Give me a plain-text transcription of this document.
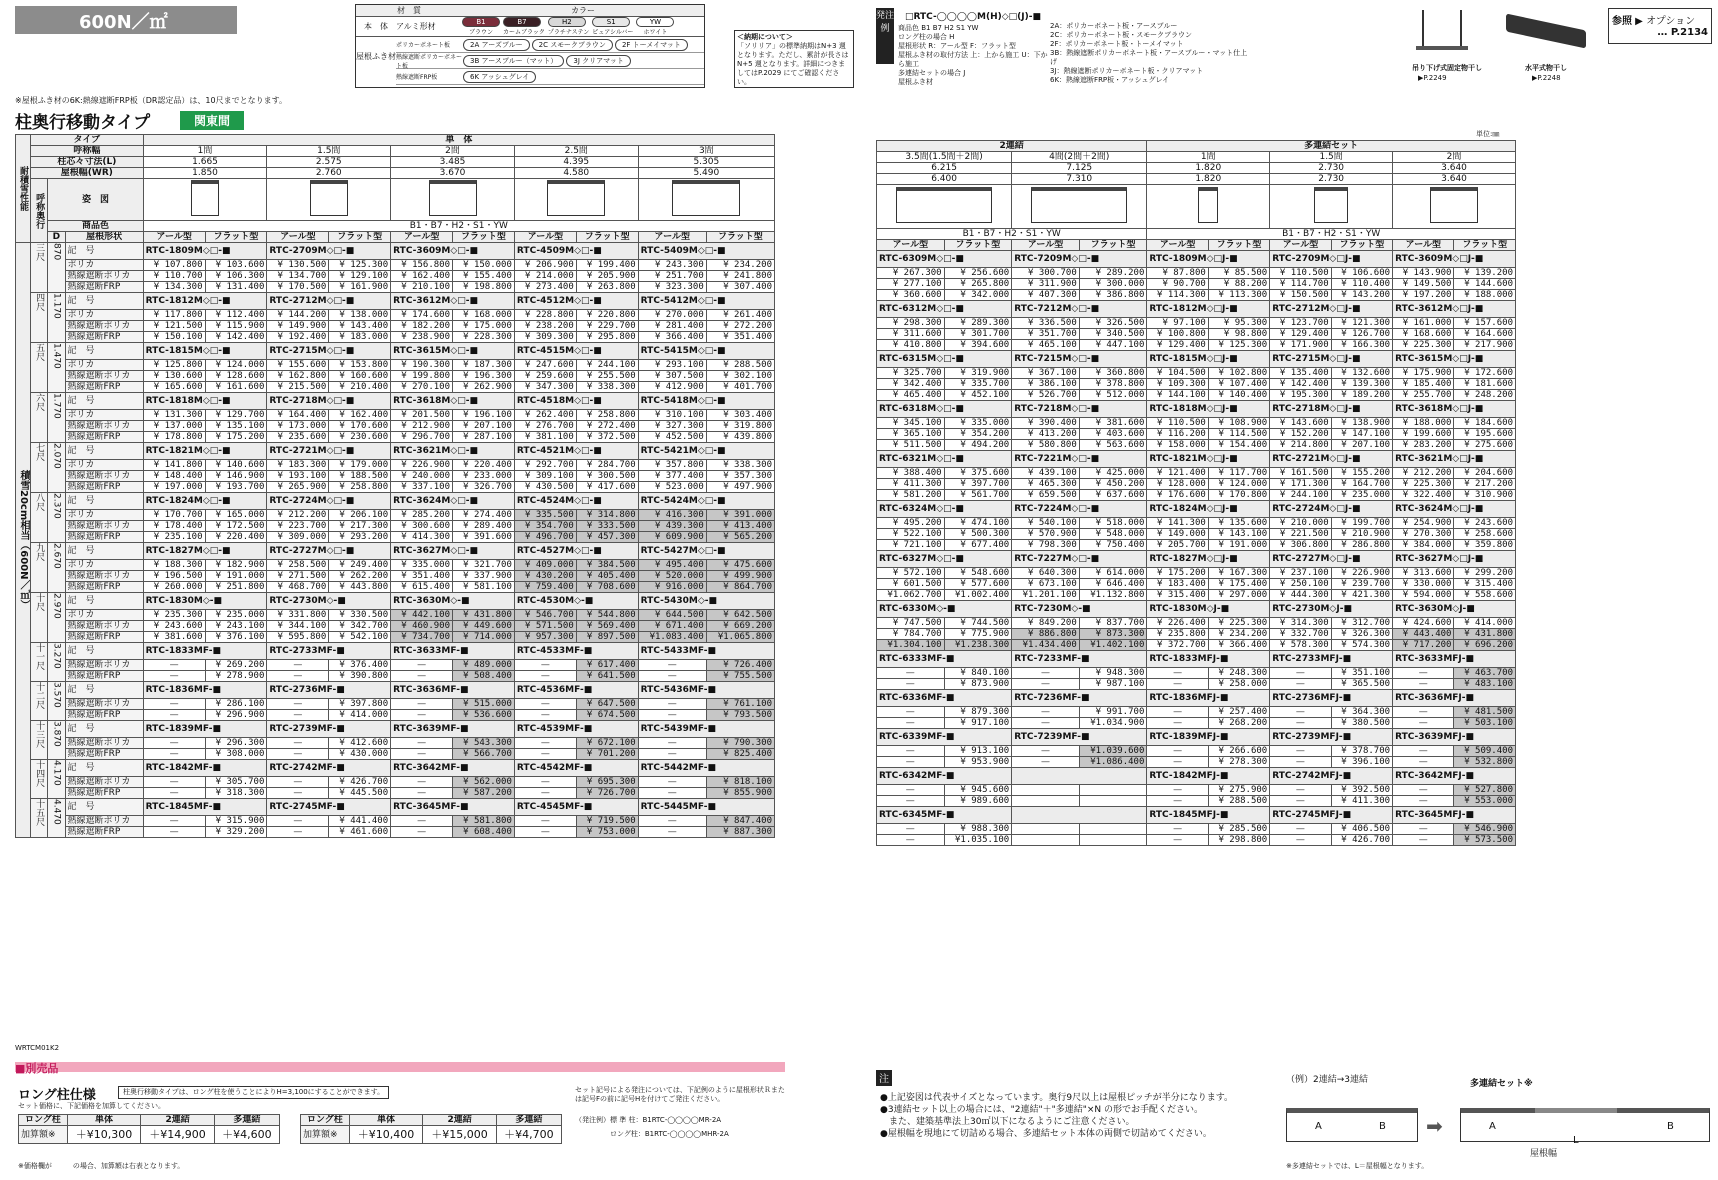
600N／㎡
材　質	カラー
本　体	アルミ形材	B1
ブラウン
B7
カームブラック
H2
プラチナステン
S1
ピュアシルバー
YW
ホワイト
屋根ふき材
ポリカーボネート板	2A アーズブルー	2C スモークブラウン	2F トーメイマット
熱線遮断ポリカーボネート板
3B アースブルー（マット）	3J クリアマット
熱線遮断FRP板	6K アッシュグレイ
＜納期について＞
「ソリリア」の標準納期はN+3 週となります。ただし、累計が長さはN+5 週となります。詳細につきましてはP.2029 にてご確認ください。
※屋根ふき材の6K:熱線遮断FRP板（DR認定品）は、10尺までとなります。
柱奥行移動タイプ	関東間
耐積雪性能	タイプ			単　体									
	呼称幅			1間		1.5間		2間		2.5間		3間	
	柱芯々寸法(L)			1.665		2.575		3.485		4.395		5.305	
	屋根幅(WR)			1.850		2.760		3.670		4.580		5.490	
	呼称奥行	姿　図											
		商品色		B1・B7・H2・S1・YW									
		D	屋根形状	アール型	フラット型	アール型	フラット型	アール型	フラット型	アール型	フラット型	アール型	フラット型

積雪20cm相当（600N／㎡）	三尺	870	記　号	RTC-1809M◇□-■		RTC-2709M◇□-■		RTC-3609M◇□-■		RTC-4509M◇□-■		RTC-5409M◇□-■	
			ポリカ	¥ 107.800	¥ 103.600	¥ 130.500	¥ 125.300	¥ 156.800	¥ 150.000	¥ 206.900	¥ 199.400	¥ 243.300	¥ 234.200
			熱線遮断ポリカ	¥ 110.700	¥ 106.300	¥ 134.700	¥ 129.100	¥ 162.400	¥ 155.400	¥ 214.000	¥ 205.900	¥ 251.700	¥ 241.800
			熱線遮断FRP	¥ 134.300	¥ 131.400	¥ 170.500	¥ 161.900	¥ 210.100	¥ 198.800	¥ 273.400	¥ 263.800	¥ 323.300	¥ 307.400
	四尺	1.170	記　号	RTC-1812M◇□-■		RTC-2712M◇□-■		RTC-3612M◇□-■		RTC-4512M◇□-■		RTC-5412M◇□-■	
			ポリカ	¥ 117.800	¥ 112.400	¥ 144.200	¥ 138.000	¥ 174.600	¥ 168.000	¥ 228.800	¥ 220.800	¥ 270.000	¥ 261.400
			熱線遮断ポリカ	¥ 121.500	¥ 115.900	¥ 149.900	¥ 143.400	¥ 182.200	¥ 175.000	¥ 238.200	¥ 229.700	¥ 281.400	¥ 272.200
			熱線遮断FRP	¥ 150.100	¥ 142.400	¥ 192.400	¥ 183.000	¥ 238.900	¥ 228.300	¥ 309.300	¥ 295.800	¥ 366.400	¥ 351.400
	五尺	1.470	記　号	RTC-1815M◇□-■		RTC-2715M◇□-■		RTC-3615M◇□-■		RTC-4515M◇□-■		RTC-5415M◇□-■	
			ポリカ	¥ 125.800	¥ 124.000	¥ 155.600	¥ 153.800	¥ 190.300	¥ 187.300	¥ 247.600	¥ 244.100	¥ 293.100	¥ 288.500
			熱線遮断ポリカ	¥ 130.600	¥ 128.600	¥ 162.800	¥ 160.600	¥ 199.800	¥ 196.300	¥ 259.600	¥ 255.500	¥ 307.500	¥ 302.100
			熱線遮断FRP	¥ 165.600	¥ 161.600	¥ 215.500	¥ 210.400	¥ 270.100	¥ 262.900	¥ 347.300	¥ 338.300	¥ 412.900	¥ 401.700
	六尺	1.770	記　号	RTC-1818M◇□-■		RTC-2718M◇□-■		RTC-3618M◇□-■		RTC-4518M◇□-■		RTC-5418M◇□-■	
			ポリカ	¥ 131.300	¥ 129.700	¥ 164.400	¥ 162.400	¥ 201.500	¥ 196.100	¥ 262.400	¥ 258.800	¥ 310.100	¥ 303.400
			熱線遮断ポリカ	¥ 137.000	¥ 135.100	¥ 173.000	¥ 170.600	¥ 212.900	¥ 207.100	¥ 276.700	¥ 272.400	¥ 327.300	¥ 319.800
			熱線遮断FRP	¥ 178.800	¥ 175.200	¥ 235.600	¥ 230.600	¥ 296.700	¥ 287.100	¥ 381.100	¥ 372.500	¥ 452.500	¥ 439.800
	七尺	2.070	記　号	RTC-1821M◇□-■		RTC-2721M◇□-■		RTC-3621M◇□-■		RTC-4521M◇□-■		RTC-5421M◇□-■	
			ポリカ	¥ 141.800	¥ 140.600	¥ 183.300	¥ 179.000	¥ 226.900	¥ 220.400	¥ 292.700	¥ 284.700	¥ 357.800	¥ 338.300
			熱線遮断ポリカ	¥ 148.400	¥ 146.900	¥ 193.100	¥ 188.500	¥ 240.000	¥ 233.000	¥ 309.100	¥ 300.500	¥ 377.400	¥ 357.300
			熱線遮断FRP	¥ 197.000	¥ 193.700	¥ 265.900	¥ 258.800	¥ 337.100	¥ 326.700	¥ 430.500	¥ 417.600	¥ 523.000	¥ 497.900
	八尺	2.370	記　号	RTC-1824M◇□-■		RTC-2724M◇□-■		RTC-3624M◇□-■		RTC-4524M◇□-■		RTC-5424M◇□-■	
			ポリカ	¥ 170.700	¥ 165.000	¥ 212.200	¥ 206.100	¥ 285.200	¥ 274.400	¥ 335.500	¥ 314.800	¥ 416.300	¥ 391.000
			熱線遮断ポリカ	¥ 178.400	¥ 172.500	¥ 223.700	¥ 217.300	¥ 300.600	¥ 289.400	¥ 354.700	¥ 333.500	¥ 439.300	¥ 413.400
			熱線遮断FRP	¥ 235.100	¥ 220.400	¥ 309.000	¥ 293.200	¥ 414.300	¥ 391.600	¥ 496.700	¥ 457.300	¥ 609.900	¥ 565.200
	九尺	2.670	記　号	RTC-1827M◇□-■		RTC-2727M◇□-■		RTC-3627M◇□-■		RTC-4527M◇□-■		RTC-5427M◇□-■	
			ポリカ	¥ 188.300	¥ 182.900	¥ 258.500	¥ 249.400	¥ 335.000	¥ 321.700	¥ 409.000	¥ 384.500	¥ 495.400	¥ 475.600
			熱線遮断ポリカ	¥ 196.500	¥ 191.000	¥ 271.500	¥ 262.200	¥ 351.400	¥ 337.900	¥ 430.200	¥ 405.400	¥ 520.000	¥ 499.900
			熱線遮断FRP	¥ 260.000	¥ 251.800	¥ 468.700	¥ 443.800	¥ 615.400	¥ 581.100	¥ 759.400	¥ 708.600	¥ 916.000	¥ 864.700
	十尺	2.970	記　号	RTC-1830M◇-■		RTC-2730M◇-■		RTC-3630M◇-■		RTC-4530M◇-■		RTC-5430M◇-■	
			ポリカ	¥ 235.300	¥ 235.000	¥ 331.800	¥ 330.500	¥ 442.100	¥ 431.800	¥ 546.700	¥ 544.800	¥ 644.500	¥ 642.500
			熱線遮断ポリカ	¥ 243.600	¥ 243.100	¥ 344.100	¥ 342.700	¥ 460.900	¥ 449.600	¥ 571.500	¥ 569.400	¥ 671.400	¥ 669.200
			熱線遮断FRP	¥ 381.600	¥ 376.100	¥ 595.800	¥ 542.100	¥ 734.700	¥ 714.000	¥ 957.300	¥ 897.500	¥1.083.400	¥1.065.800
	十一尺	3.270	記　号	RTC-1833MF-■		RTC-2733MF-■		RTC-3633MF-■		RTC-4533MF-■		RTC-5433MF-■	
			熱線遮断ポリカ	—	¥ 269.200	—	¥ 376.400	—	¥ 489.000	—	¥ 617.400	—	¥ 726.400
			熱線遮断FRP	—	¥ 278.900	—	¥ 390.800	—	¥ 508.400	—	¥ 641.500	—	¥ 755.500
	十二尺	3.570	記　号	RTC-1836MF-■		RTC-2736MF-■		RTC-3636MF-■		RTC-4536MF-■		RTC-5436MF-■	
			熱線遮断ポリカ	—	¥ 286.100	—	¥ 397.800	—	¥ 515.000	—	¥ 647.500	—	¥ 761.100
			熱線遮断FRP	—	¥ 296.900	—	¥ 414.000	—	¥ 536.600	—	¥ 674.500	—	¥ 793.500
	十三尺	3.870	記　号	RTC-1839MF-■		RTC-2739MF-■		RTC-3639MF-■		RTC-4539MF-■		RTC-5439MF-■	
			熱線遮断ポリカ	—	¥ 296.300	—	¥ 412.600	—	¥ 543.300	—	¥ 672.100	—	¥ 790.300
			熱線遮断FRP	—	¥ 308.000	—	¥ 430.000	—	¥ 566.700	—	¥ 701.200	—	¥ 825.400
	十四尺	4.170	記　号	RTC-1842MF-■		RTC-2742MF-■		RTC-3642MF-■		RTC-4542MF-■		RTC-5442MF-■	
			熱線遮断ポリカ	—	¥ 305.700	—	¥ 426.700	—	¥ 562.000	—	¥ 695.300	—	¥ 818.100
			熱線遮断FRP	—	¥ 318.300	—	¥ 445.500	—	¥ 587.200	—	¥ 726.700	—	¥ 855.900
	十五尺	4.470	記　号	RTC-1845MF-■		RTC-2745MF-■		RTC-3645MF-■		RTC-4545MF-■		RTC-5445MF-■	
			熱線遮断ポリカ	—	¥ 315.900	—	¥ 441.400	—	¥ 581.800	—	¥ 719.500	—	¥ 847.400
			熱線遮断FRP	—	¥ 329.200	—	¥ 461.600	—	¥ 608.400	—	¥ 753.000	—	¥ 887.300
WRTCM01K2
■別売品
ロング柱仕様	柱奥行移動タイプは、ロング柱を使うことによりH=3,100にすることができます。
セット価格に、下記価格を加算してください。
ロング柱	単体	2連結	多連結
加算額※	＋¥10,300	＋¥14,900	＋¥4,600
ロング柱	単体	2連結	多連結
加算額※	＋¥10,400	＋¥15,000	＋¥4,700
※価格欄が　　　の場合、加算額は右表となります。
セット記号による発注については、下記例のように屋根形状Ｒまたは記号Fの前に記号Hを付けてご発注ください。
（発注例）標 準 柱：B1RTC-◯◯◯◯MR-2A
ロング柱：B1RTC-◯◯◯◯MHR-2A
発注例
□RTC-◯◯◯◯M(H)◇□(J)-■
商品色 B1 B7 H2 S1 YW
ロング柱の場合 H
屋根形状 R：アール型 F：フラット型
屋根ふき材の取付方法 上：上から施工 U：下から施工
多連結セットの場合 J
屋根ふき材
2A：ポリカーボネート板・アースブルー
2C：ポリカーボネート板・スモークブラウン
2F：ポリカーボネート板・トーメイマット
3B：熱線遮断ポリカーボネート板・アースブルー・マット仕上げ
3J：熱線遮断ポリカーボネート板・クリアマット
6K：熱線遮断FRP板・アッシュグレイ
吊り下げ式固定物干し
▶P.2249
水平式物干し
▶P.2248
参照 ▶ オプション
… P.2134
単位:㎜
2連結				多連結セット					
3.5間(1.5間＋2間)		4間(2間＋2間)		1間		1.5間		2間	
6.215		7.125		1.820		2.730		3.640	
6.400		7.310		1.820		2.730		3.640	

B1・B7・H2・S1・YW				B1・B7・H2・S1・YW					
アール型	フラット型	アール型	フラット型	アール型	フラット型	アール型	フラット型	アール型	フラット型
RTC-6309M◇□-■		RTC-7209M◇□-■		RTC-1809M◇□J-■		RTC-2709M◇□J-■		RTC-3609M◇□J-■	
¥ 267.300	¥ 256.600	¥ 300.700	¥ 289.200	¥ 87.800	¥ 85.500	¥ 110.500	¥ 106.600	¥ 143.900	¥ 139.200
¥ 277.100	¥ 265.800	¥ 311.900	¥ 300.000	¥ 90.700	¥ 88.200	¥ 114.700	¥ 110.400	¥ 149.500	¥ 144.600
¥ 360.600	¥ 342.000	¥ 407.300	¥ 386.800	¥ 114.300	¥ 113.300	¥ 150.500	¥ 143.200	¥ 197.200	¥ 188.000
RTC-6312M◇□-■		RTC-7212M◇□-■		RTC-1812M◇□J-■		RTC-2712M◇□J-■		RTC-3612M◇□J-■	
¥ 298.300	¥ 289.300	¥ 336.500	¥ 326.500	¥ 97.100	¥ 95.300	¥ 123.700	¥ 121.300	¥ 161.000	¥ 157.600
¥ 311.600	¥ 301.700	¥ 351.700	¥ 340.500	¥ 100.800	¥ 98.800	¥ 129.400	¥ 126.700	¥ 168.600	¥ 164.600
¥ 410.800	¥ 394.600	¥ 465.100	¥ 447.100	¥ 129.400	¥ 125.300	¥ 171.900	¥ 166.300	¥ 225.300	¥ 217.900
RTC-6315M◇□-■		RTC-7215M◇□-■		RTC-1815M◇□J-■		RTC-2715M◇□J-■		RTC-3615M◇□J-■	
¥ 325.700	¥ 319.900	¥ 367.100	¥ 360.800	¥ 104.500	¥ 102.800	¥ 135.400	¥ 132.600	¥ 175.900	¥ 172.600
¥ 342.400	¥ 335.700	¥ 386.100	¥ 378.800	¥ 109.300	¥ 107.400	¥ 142.400	¥ 139.300	¥ 185.400	¥ 181.600
¥ 465.400	¥ 452.100	¥ 526.700	¥ 512.000	¥ 144.100	¥ 140.400	¥ 195.300	¥ 189.200	¥ 255.700	¥ 248.200
RTC-6318M◇□-■		RTC-7218M◇□-■		RTC-1818M◇□J-■		RTC-2718M◇□J-■		RTC-3618M◇□J-■	
¥ 345.100	¥ 335.000	¥ 390.400	¥ 381.600	¥ 110.500	¥ 108.900	¥ 143.600	¥ 138.900	¥ 188.000	¥ 184.600
¥ 365.100	¥ 354.200	¥ 413.200	¥ 403.600	¥ 116.200	¥ 114.500	¥ 152.200	¥ 147.100	¥ 199.600	¥ 195.600
¥ 511.500	¥ 494.200	¥ 580.800	¥ 563.600	¥ 158.000	¥ 154.400	¥ 214.800	¥ 207.100	¥ 283.200	¥ 275.600
RTC-6321M◇□-■		RTC-7221M◇□-■		RTC-1821M◇□J-■		RTC-2721M◇□J-■		RTC-3621M◇□J-■	
¥ 388.400	¥ 375.600	¥ 439.100	¥ 425.000	¥ 121.400	¥ 117.700	¥ 161.500	¥ 155.200	¥ 212.200	¥ 204.600
¥ 411.300	¥ 397.700	¥ 465.300	¥ 450.200	¥ 128.000	¥ 124.000	¥ 171.300	¥ 164.700	¥ 225.300	¥ 217.200
¥ 581.200	¥ 561.700	¥ 659.500	¥ 637.600	¥ 176.600	¥ 170.800	¥ 244.100	¥ 235.000	¥ 322.400	¥ 310.900
RTC-6324M◇□-■		RTC-7224M◇□-■		RTC-1824M◇□J-■		RTC-2724M◇□J-■		RTC-3624M◇□J-■	
¥ 495.200	¥ 474.100	¥ 540.100	¥ 518.000	¥ 141.300	¥ 135.600	¥ 210.000	¥ 199.700	¥ 254.900	¥ 243.600
¥ 522.100	¥ 500.300	¥ 570.900	¥ 548.000	¥ 149.000	¥ 143.100	¥ 221.500	¥ 210.900	¥ 270.300	¥ 258.600
¥ 721.100	¥ 677.400	¥ 798.300	¥ 750.400	¥ 205.700	¥ 191.000	¥ 306.800	¥ 286.800	¥ 384.000	¥ 359.800
RTC-6327M◇□-■		RTC-7227M◇□-■		RTC-1827M◇□J-■		RTC-2727M◇□J-■		RTC-3627M◇□J-■	
¥ 572.100	¥ 548.600	¥ 640.300	¥ 614.000	¥ 175.200	¥ 167.300	¥ 237.100	¥ 226.900	¥ 313.600	¥ 299.200
¥ 601.500	¥ 577.600	¥ 673.100	¥ 646.400	¥ 183.400	¥ 175.400	¥ 250.100	¥ 239.700	¥ 330.000	¥ 315.400
¥1.062.700	¥1.002.400	¥1.201.100	¥1.132.800	¥ 315.400	¥ 297.000	¥ 444.300	¥ 421.300	¥ 594.000	¥ 558.600
RTC-6330M◇-■		RTC-7230M◇-■		RTC-1830M◇J-■		RTC-2730M◇J-■		RTC-3630M◇J-■	
¥ 747.500	¥ 744.500	¥ 849.200	¥ 837.700	¥ 226.400	¥ 225.300	¥ 314.300	¥ 312.700	¥ 424.600	¥ 414.000
¥ 784.700	¥ 775.900	¥ 886.800	¥ 873.300	¥ 235.800	¥ 234.200	¥ 332.700	¥ 326.300	¥ 443.400	¥ 431.800
¥1.304.100	¥1.238.300	¥1.434.400	¥1.402.100	¥ 372.700	¥ 366.400	¥ 578.300	¥ 574.300	¥ 717.200	¥ 696.200
RTC-6333MF-■		RTC-7233MF-■		RTC-1833MFJ-■		RTC-2733MFJ-■		RTC-3633MFJ-■	
—	¥ 840.100	—	¥ 948.300	—	¥ 248.300	—	¥ 351.100	—	¥ 463.700
—	¥ 873.900	—	¥ 987.100	—	¥ 258.000	—	¥ 365.500	—	¥ 483.100
RTC-6336MF-■		RTC-7236MF-■		RTC-1836MFJ-■		RTC-2736MFJ-■		RTC-3636MFJ-■	
—	¥ 879.300	—	¥ 991.700	—	¥ 257.400	—	¥ 364.300	—	¥ 481.500
—	¥ 917.100	—	¥1.034.900	—	¥ 268.200	—	¥ 380.500	—	¥ 503.100
RTC-6339MF-■		RTC-7239MF-■		RTC-1839MFJ-■		RTC-2739MFJ-■		RTC-3639MFJ-■	
—	¥ 913.100	—	¥1.039.600	—	¥ 266.600	—	¥ 378.700	—	¥ 509.400
—	¥ 953.900	—	¥1.086.400	—	¥ 278.300	—	¥ 396.100	—	¥ 532.800
RTC-6342MF-■				RTC-1842MFJ-■		RTC-2742MFJ-■		RTC-3642MFJ-■	
—	¥ 945.600			—	¥ 275.900	—	¥ 392.500	—	¥ 527.800
—	¥ 989.600			—	¥ 288.500	—	¥ 411.300	—	¥ 553.000
RTC-6345MF-■				RTC-1845MFJ-■		RTC-2745MFJ-■		RTC-3645MFJ-■	
—	¥ 988.300			—	¥ 285.500	—	¥ 406.500	—	¥ 546.900
—	¥1.035.100			—	¥ 298.800	—	¥ 426.700	—	¥ 573.500
注
●上記姿図は代表サイズとなっています。奥行9尺以上は屋根ピッチが半分になります。
●3連結セット以上の場合には、"2連結"＋"多連結"×N の形でお手配ください。
　また、建築基準法上30㎡以下になるようにご注意ください。
●屋根幅を現地にて切詰める場合、多連結セット本体の両側で切詰めてください。
（例）2連結→3連結	多連結セット※
A	B ➡	A	B
L
屋根幅
※多連結セットでは、L＝屋根幅となります。
